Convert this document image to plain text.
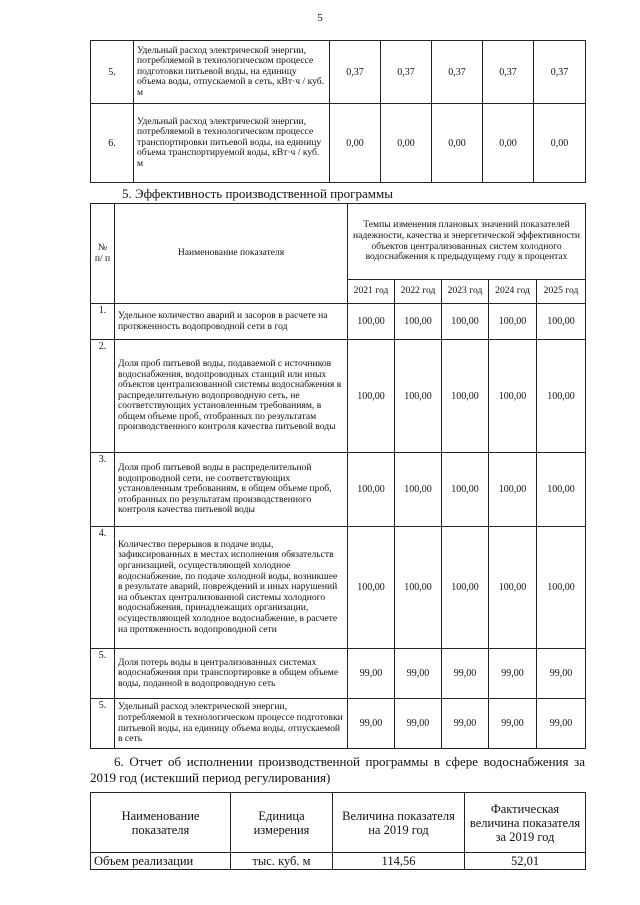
5
5.	Удельный расход электрической энергии, потребляемой в технологическом процессе подготовки питьевой воды, на единицу объема воды, отпускаемой в сеть, кВт·ч / куб. м	0,37	0,37	0,37	0,37	0,37
6.	Удельный расход электрической энергии, потребляемой в технологическом процессе транспортировки питьевой воды, на единицу объема транспортируемой воды, кВт·ч / куб. м	0,00	0,00	0,00	0,00	0,00
5. Эффективность производственной программы
№ п/ п	Наименование показателя	Темпы изменения плановых значений показателей надежности, качества и энергетической эффективности объектов централизованных систем холодного водоснабжения к предыдущему году в процентах				
		2021 год	2022 год	2023 год	2024 год	2025 год
1.	Удельное количество аварий и засоров в расчете на протяженность водопроводной сети в год	100,00	100,00	100,00	100,00	100,00
2.	Доля проб питьевой воды, подаваемой с источников водоснабжения, водопроводных станций или иных объектов централизованной системы водоснабжения в распределительную водопроводную сеть, не соответствующих установленным требованиям, в общем объеме проб, отобранных по результатам производственного контроля качества питьевой воды	100,00	100,00	100,00	100,00	100,00
3.	Доля проб питьевой воды в распределительной водопроводной сети, не соответствующих установленным требованиям, в общем объеме проб, отобранных по результатам производственного контроля качества питьевой воды	100,00	100,00	100,00	100,00	100,00
4.	Количество перерывов в подаче воды, зафиксированных в местах исполнения обязательств организацией, осуществляющей холодное водоснабжение, по подаче холодной воды, возникшее в результате аварий, повреждений и иных нарушений на объектах централизованной системы холодного водоснабжения, принадлежащих организации, осуществляющей холодное водоснабжение, в расчете на протяженность водопроводной сети	100,00	100,00	100,00	100,00	100,00
5.	Доля потерь воды в централизованных системах водоснабжения при транспортировке в общем объеме воды, поданной в водопроводную сеть	99,00	99,00	99,00	99,00	99,00
5.	Удельный расход электрической энергии, потребляемой в технологическом процессе подготовки питьевой воды, на единицу объема воды, отпускаемой в сеть	99,00	99,00	99,00	99,00	99,00
6. Отчет об исполнении производственной программы в сфере водоснабжения за 2019 год (истекший период регулирования)
Наименование показателя	Единица измерения	Величина показателя на 2019 год	Фактическая величина показателя за 2019 год
Объем реализации	тыс. куб. м	114,56	52,01
